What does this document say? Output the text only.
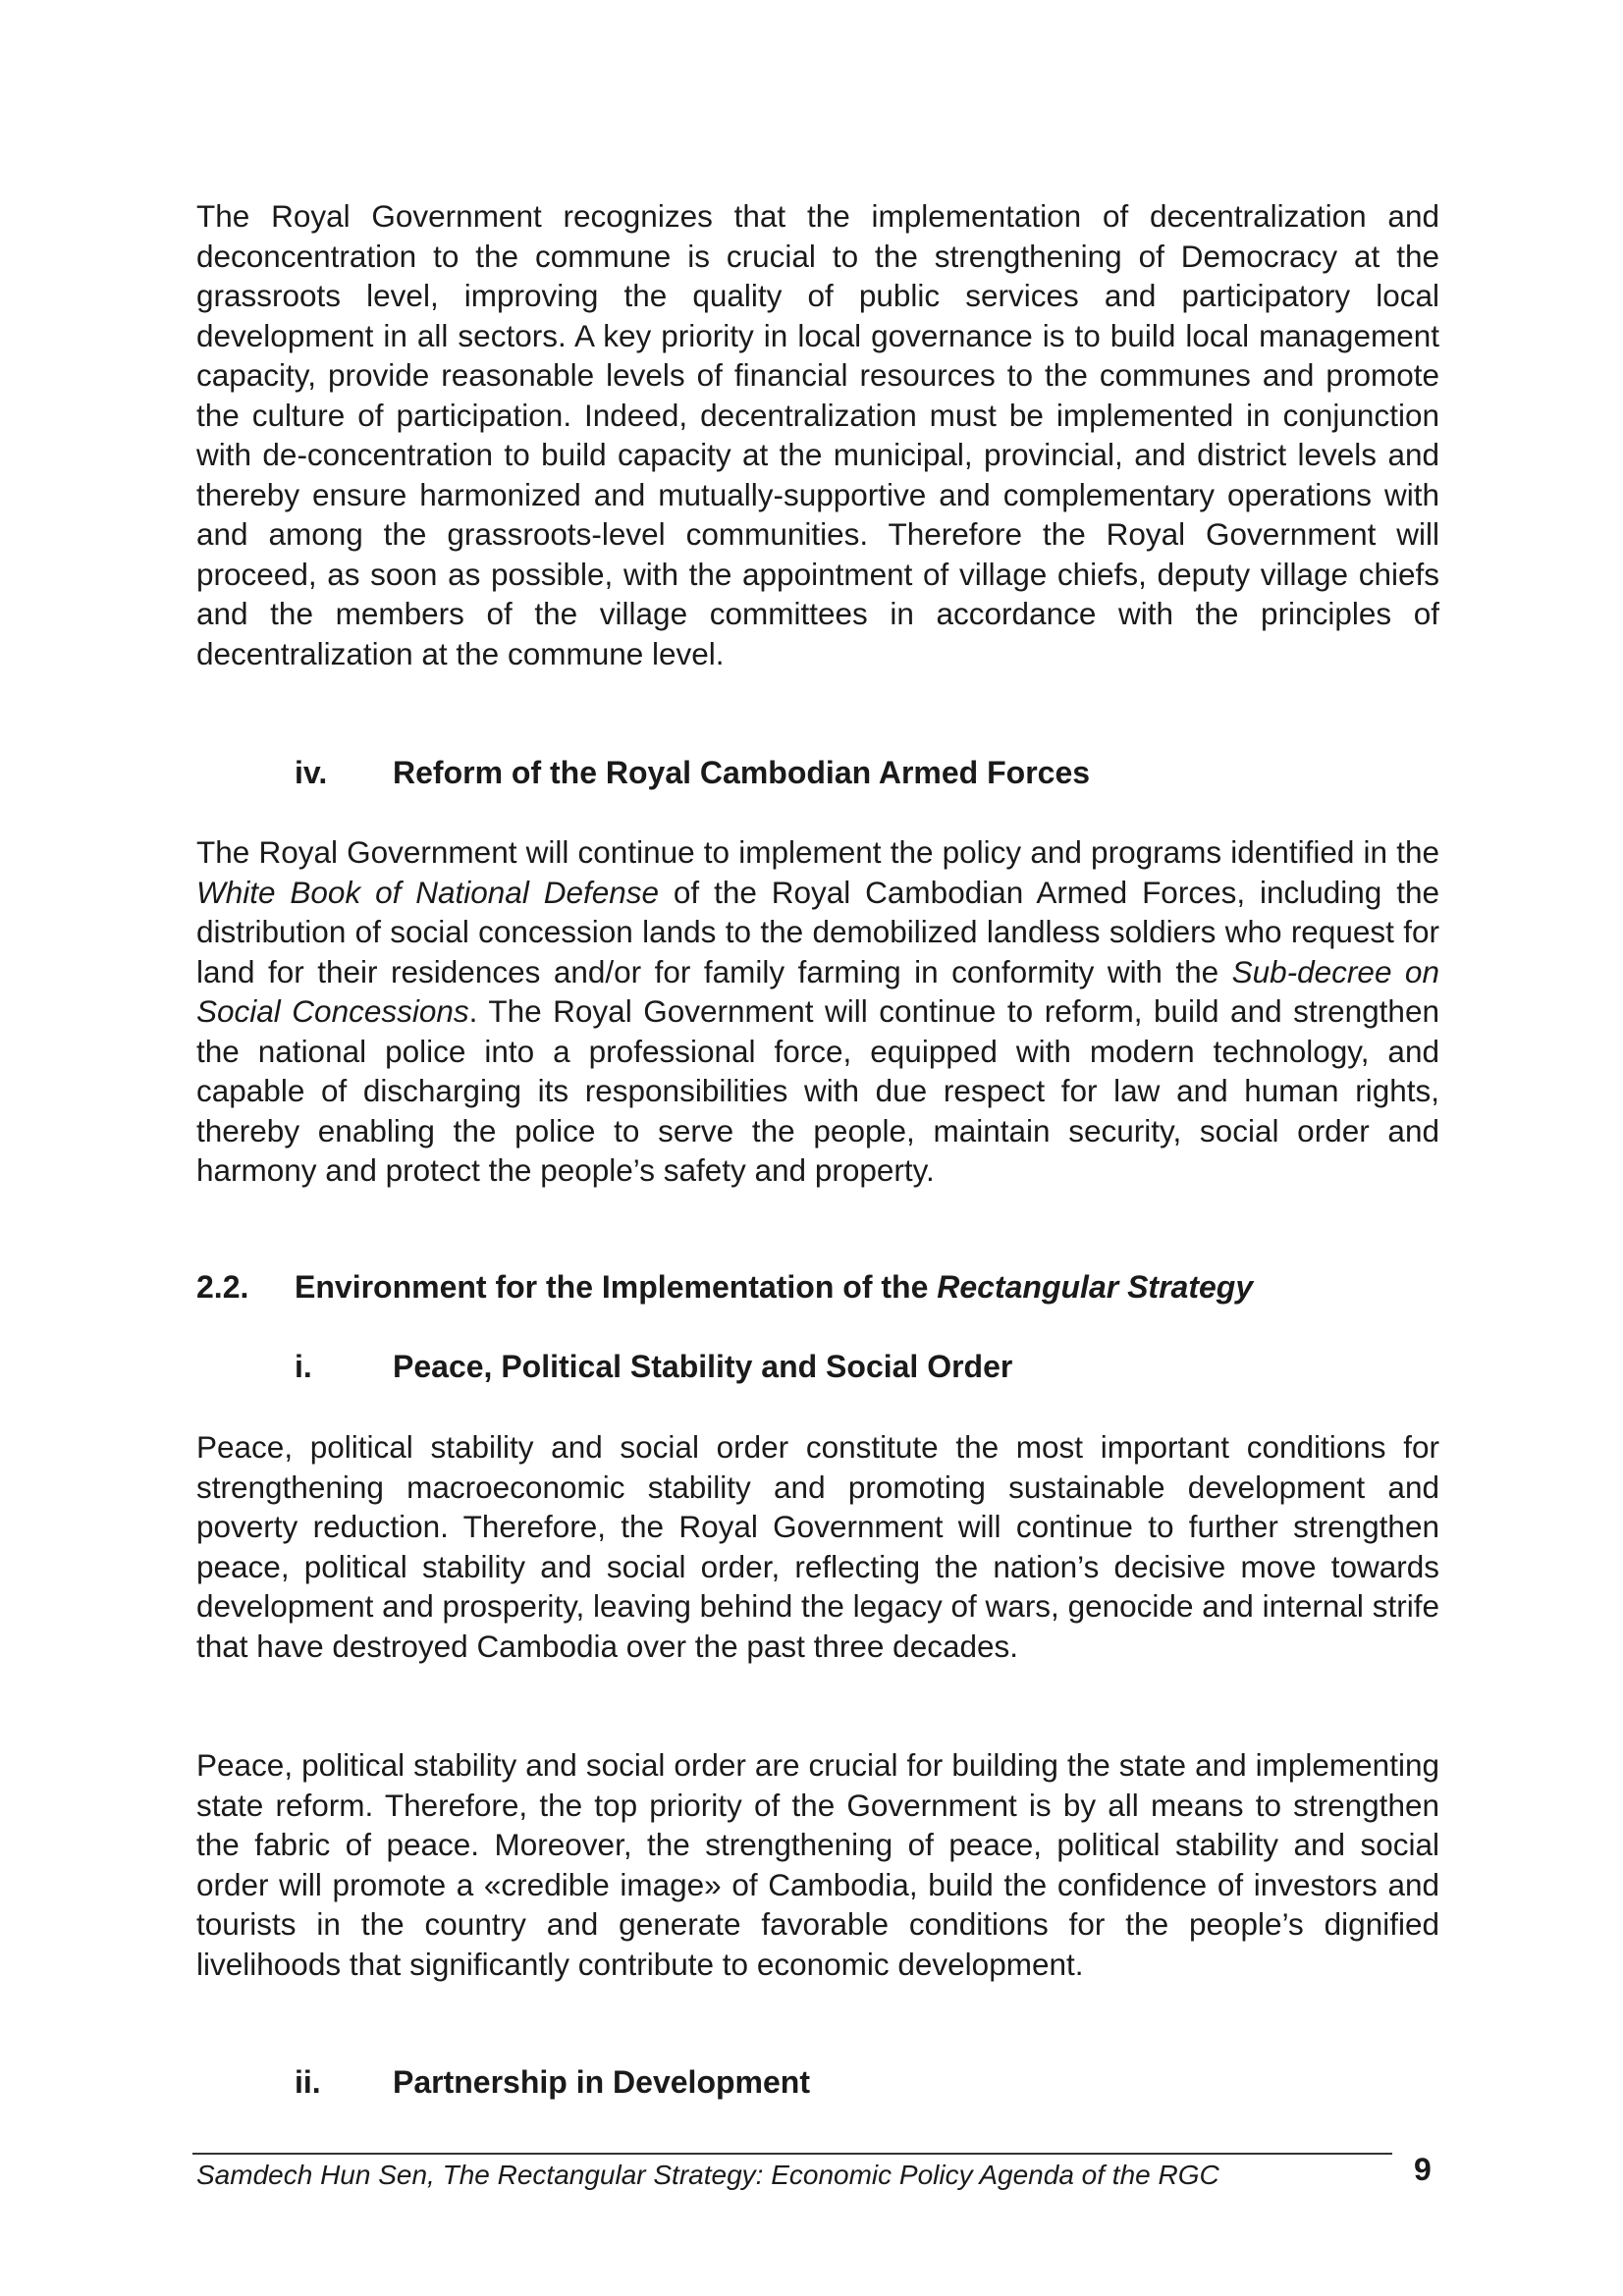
The Royal Government recognizes that the implementation of decentralization and deconcentration to the commune is crucial to the strengthening of Democracy at the grassroots level, improving the quality of public services and participatory local development in all sectors. A key priority in local governance is to build local management capacity, provide reasonable levels of financial resources to the communes and promote the culture of participation. Indeed, decentralization must be implemented in conjunction with de-concentration to build capacity at the municipal, provincial, and district levels and thereby ensure harmonized and mutually-supportive and complementary operations with and among the grassroots-level communities. Therefore the Royal Government will proceed, as soon as possible, with the appointment of village chiefs, deputy village chiefs and the members of the village committees in accordance with the principles of decentralization at the commune level.

iv. Reform of the Royal Cambodian Armed Forces

The Royal Government will continue to implement the policy and programs identified in the White Book of National Defense of the Royal Cambodian Armed Forces, including the distribution of social concession lands to the demobilized landless soldiers who request for land for their residences and/or for family farming in conformity with the Sub-decree on Social Concessions. The Royal Government will continue to reform, build and strengthen the national police into a professional force, equipped with modern technology, and capable of discharging its responsibilities with due respect for law and human rights, thereby enabling the police to serve the people, maintain security, social order and harmony and protect the people’s safety and property.

2.2. Environment for the Implementation of the Rectangular Strategy
i.	Peace, Political Stability and Social Order

Peace, political stability and social order constitute the most important conditions for strengthening macroeconomic stability and promoting sustainable development and poverty reduction. Therefore, the Royal Government will continue to further strengthen peace, political stability and social order, reflecting the nation’s decisive move towards development and prosperity, leaving behind the legacy of wars, genocide and internal strife that have destroyed Cambodia over the past three decades.

Peace, political stability and social order are crucial for building the state and implementing state reform. Therefore, the top priority of the Government is by all means to strengthen the fabric of peace. Moreover, the strengthening of peace, political stability and social order will promote a «credible image» of Cambodia, build the confidence of investors and tourists in the country and generate favorable conditions for the people’s dignified livelihoods that significantly contribute to economic development.

ii. Partnership in Development
Samdech Hun Sen, The Rectangular Strategy: Economic Policy Agenda of the RGC	9
